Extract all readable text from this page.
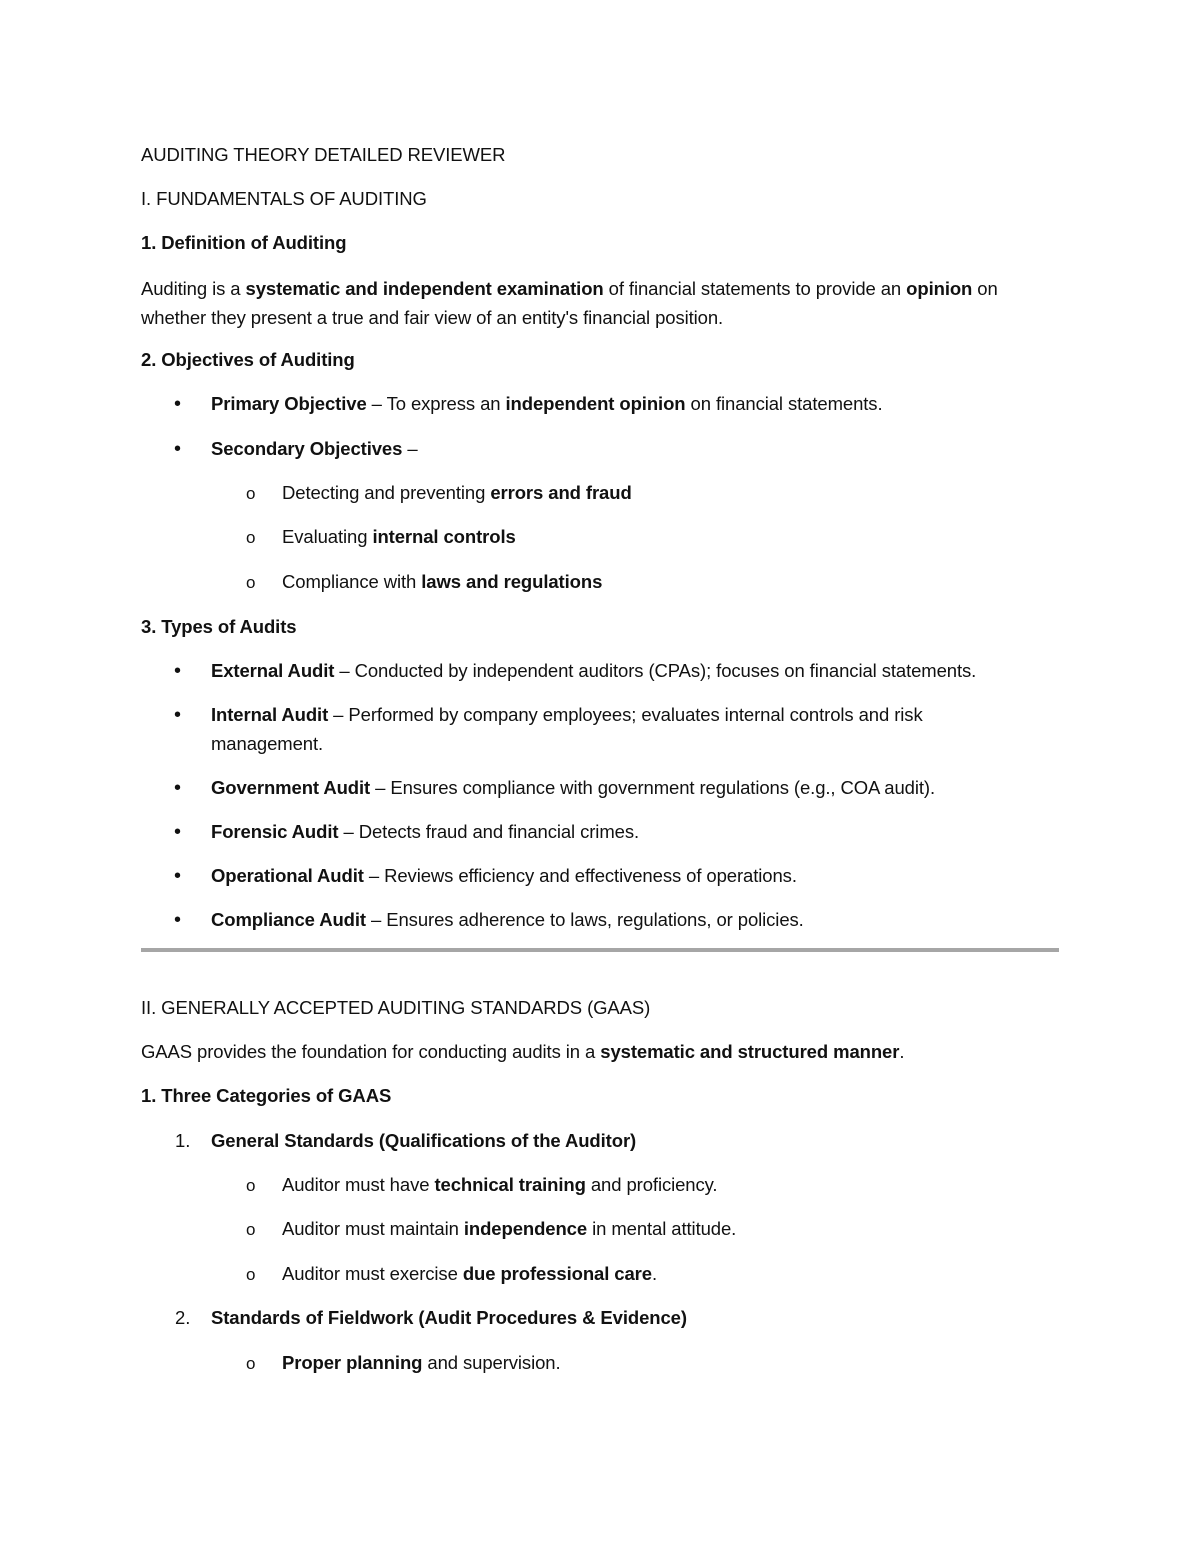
AUDITING THEORY DETAILED REVIEWER
I. FUNDAMENTALS OF AUDITING
1. Definition of Auditing
Auditing is a systematic and independent examination of financial statements to provide an opinion on
whether they present a true and fair view of an entity's financial position.
2. Objectives of Auditing
• Primary Objective – To express an independent opinion on financial statements.
• Secondary Objectives –
o Detecting and preventing errors and fraud
o Evaluating internal controls
o Compliance with laws and regulations
3. Types of Audits
• External Audit – Conducted by independent auditors (CPAs); focuses on financial statements.
• Internal Audit – Performed by company employees; evaluates internal controls and risk
management.
• Government Audit – Ensures compliance with government regulations (e.g., COA audit).
• Forensic Audit – Detects fraud and financial crimes.
• Operational Audit – Reviews efficiency and effectiveness of operations.
• Compliance Audit – Ensures adherence to laws, regulations, or policies.
II. GENERALLY ACCEPTED AUDITING STANDARDS (GAAS)
GAAS provides the foundation for conducting audits in a systematic and structured manner.
1. Three Categories of GAAS
1. General Standards (Qualifications of the Auditor)
o Auditor must have technical training and proficiency.
o Auditor must maintain independence in mental attitude.
o Auditor must exercise due professional care.
2. Standards of Fieldwork (Audit Procedures & Evidence)
o Proper planning and supervision.
